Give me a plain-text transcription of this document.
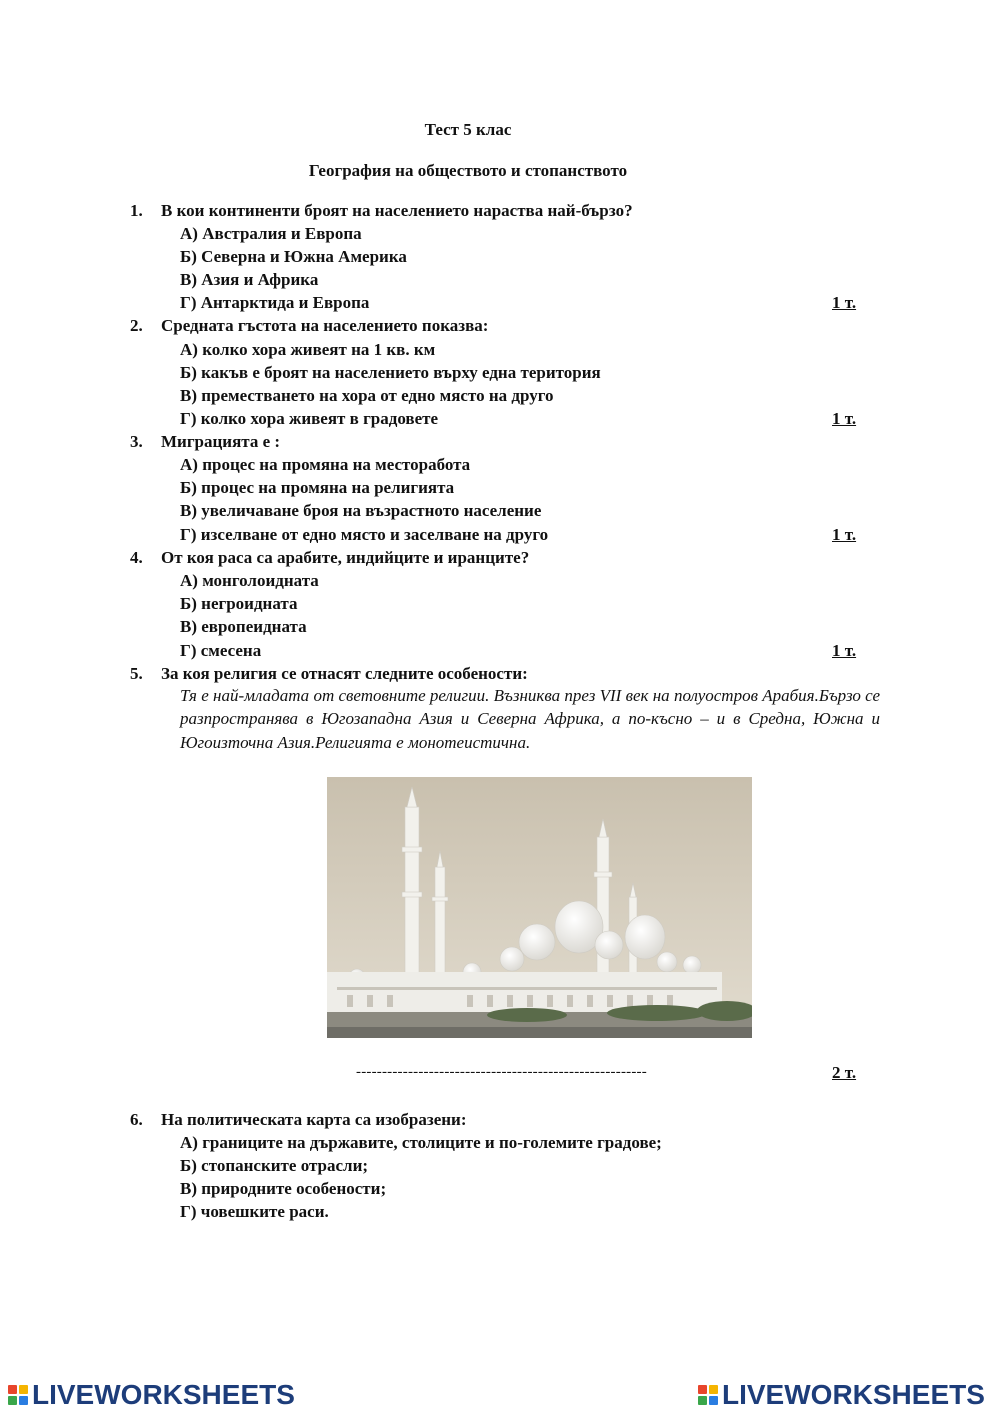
Тест 5 клас
География на обществото и стопанството
1. В кои континенти броят на населението нараства най-бързо?
А) Австралия и Европа
Б) Северна и Южна Америка
В) Азия и Африка
Г) Антарктида и Европа	1 т.
2. Средната гъстота на населението показва:
А) колко хора живеят на 1 кв. км
Б) какъв е броят на населението върху една територия
В) преместването на хора от едно място на друго
Г) колко хора живеят в градовете	1 т.
3. Миграцията е :
А) процес на промяна на месторабота
Б) процес на промяна на религията
В) увеличаване броя на възрастното население
Г) изселване от едно място и заселване на друго	1 т.
4. От коя раса са арабите, индийците и иранците?
А) монголоидната
Б) негроидната
В) европеидната
Г) смесена	1 т.
5. За коя религия се отнасят следните особености:
Тя е най-младата от световните религии. Възниква през VII век на полуостров Арабия.Бързо се разпространява в Югозападна Азия и Северна Африка, а по-късно – и в Средна, Южна и Югоизточна Азия.Религията е монотеистична.
--------------------------------------------------------	2 т.
6. На политическата карта са изобразени:
А) границите на държавите, столиците и по-големите градове;
Б) стопанските отрасли;
В) природните особености;
Г) човешките раси.
LIVEWORKSHEETS	LIVEWORKSHEETS
